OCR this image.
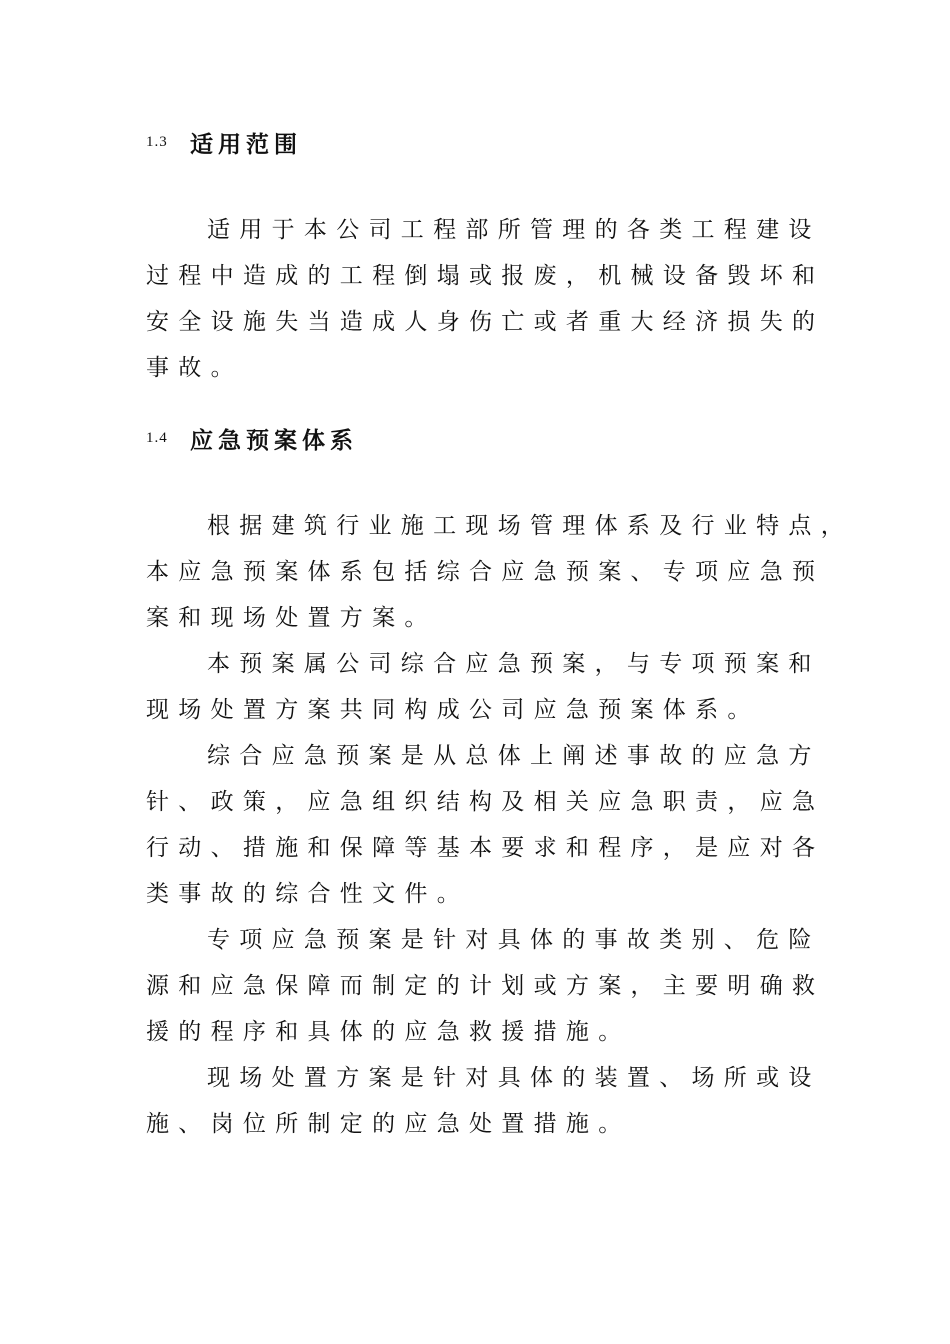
1.3 适用范围
适用于本公司工程部所管理的各类工程建设
过程中造成的工程倒塌或报废，机械设备毁坏和
安全设施失当造成人身伤亡或者重大经济损失的
事故。
1.4 应急预案体系
根据建筑行业施工现场管理体系及行业特点，
本应急预案体系包括综合应急预案、专项应急预
案和现场处置方案。
本预案属公司综合应急预案，与专项预案和
现场处置方案共同构成公司应急预案体系。
综合应急预案是从总体上阐述事故的应急方
针、政策，应急组织结构及相关应急职责，应急
行动、措施和保障等基本要求和程序，是应对各
类事故的综合性文件。
专项应急预案是针对具体的事故类别、危险
源和应急保障而制定的计划或方案，主要明确救
援的程序和具体的应急救援措施。
现场处置方案是针对具体的装置、场所或设
施、岗位所制定的应急处置措施。
